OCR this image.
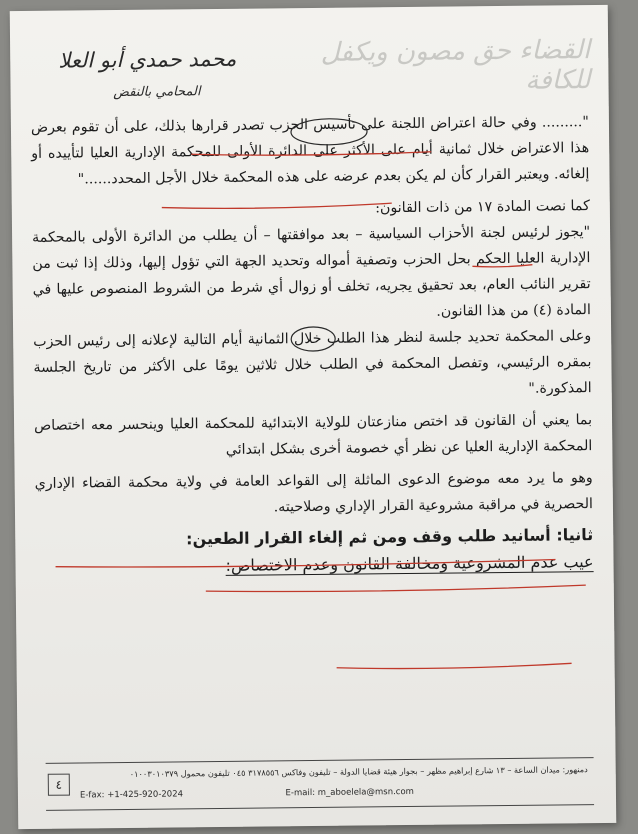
القضاء حق مصون ويكفل للكافة
محمد حمدي أبو العلا
المحامي بالنقض

"......... وفي حالة اعتراض اللجنة على تأسيس الحزب تصدر قرارها بذلك، على أن تقوم بعرض هذا الاعتراض خلال ثمانية أيام على الأكثر على الدائرة الأولى للمحكمة الإدارية العليا لتأييده أو إلغائه. ويعتبر القرار كأن لم يكن بعدم عرضه على هذه المحكمة خلال الأجل المحدد......"

كما نصت المادة ١٧ من ذات القانون:

"يجوز لرئيس لجنة الأحزاب السياسية – بعد موافقتها – أن يطلب من الدائرة الأولى بالمحكمة الإدارية العليا الحكم بحل الحزب وتصفية أمواله وتحديد الجهة التي تؤول إليها، وذلك إذا ثبت من تقرير النائب العام، بعد تحقيق يجريه، تخلف أو زوال أي شرط من الشروط المنصوص عليها في المادة (٤) من هذا القانون.

وعلى المحكمة تحديد جلسة لنظر هذا الطلب خلال الثمانية أيام التالية لإعلانه إلى رئيس الحزب بمقره الرئيسي، وتفصل المحكمة في الطلب خلال ثلاثين يومًا على الأكثر من تاريخ الجلسة المذكورة."

بما يعني أن القانون قد اختص منازعتان للولاية الابتدائية للمحكمة العليا وينحسر معه اختصاص المحكمة الإدارية العليا عن نظر أي خصومة أخرى بشكل ابتدائي

وهو ما يرد معه موضوع الدعوى الماثلة إلى القواعد العامة في ولاية محكمة القضاء الإداري الحصرية في مراقبة مشروعية القرار الإداري وصلاحيته.

ثانيا: أسانيد طلب وقف ومن ثم إلغاء القرار الطعين:

عيب عدم المشروعية ومخالفة القانون وعدم الاختصاص:

دمنهور: ميدان الساعة – ١٣ شارع إبراهيم مظهر – بجوار هيئة قضايا الدولة – تليفون وفاكس ٣١٧٨٥٥٦ ٠٤٥ تليفون محمول ٠١٠٠٣٠١٠٣٧٩
E-fax: +1-425-920-2024	E-mail: m_aboelela@msn.com
٤
